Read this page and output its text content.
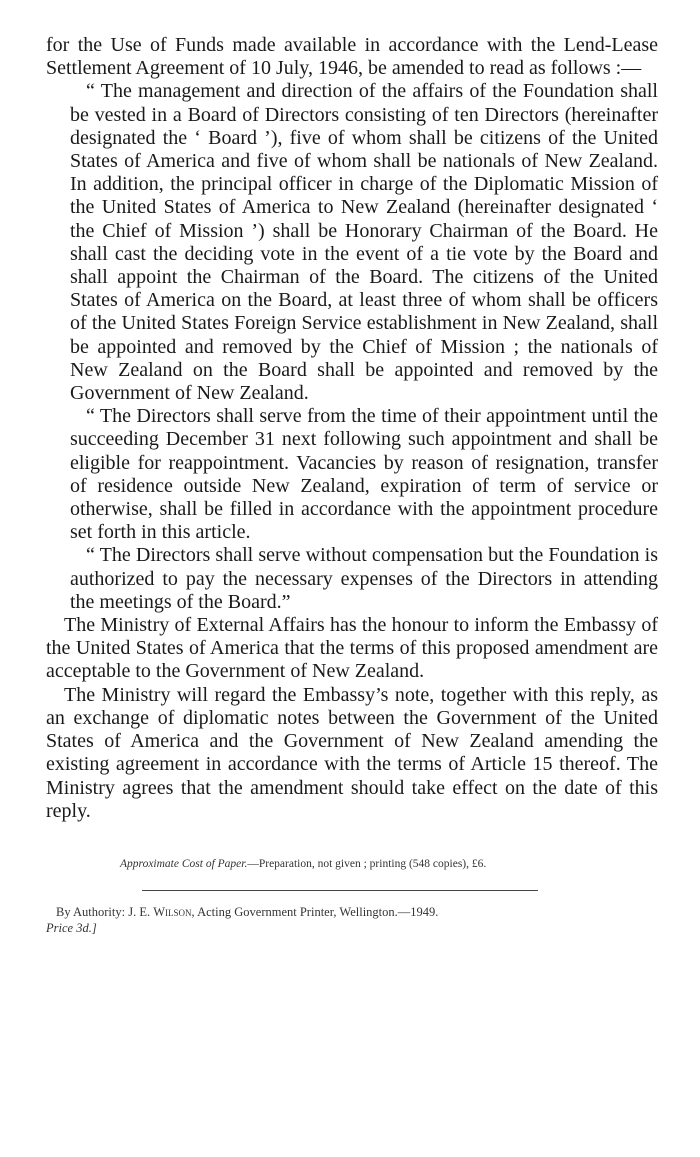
for the Use of Funds made available in accordance with the Lend-Lease Settlement Agreement of 10 July, 1946, be amended to read as follows :—

“ The management and direction of the affairs of the Foundation shall be vested in a Board of Directors consisting of ten Directors (hereinafter designated the ‘ Board ’), five of whom shall be citizens of the United States of America and five of whom shall be nationals of New Zealand. In addition, the principal officer in charge of the Diplomatic Mission of the United States of America to New Zealand (hereinafter designated ‘ the Chief of Mission ’) shall be Honorary Chairman of the Board. He shall cast the deciding vote in the event of a tie vote by the Board and shall appoint the Chairman of the Board. The citizens of the United States of America on the Board, at least three of whom shall be officers of the United States Foreign Service establishment in New Zealand, shall be appointed and removed by the Chief of Mission ; the nationals of New Zealand on the Board shall be appointed and removed by the Government of New Zealand.

“ The Directors shall serve from the time of their appointment until the succeeding December 31 next following such appointment and shall be eligible for reappointment. Vacancies by reason of resignation, transfer of residence outside New Zealand, expiration of term of service or otherwise, shall be filled in accordance with the appointment procedure set forth in this article.

“ The Directors shall serve without compensation but the Foundation is authorized to pay the necessary expenses of the Directors in attending the meetings of the Board.”

The Ministry of External Affairs has the honour to inform the Embassy of the United States of America that the terms of this proposed amendment are acceptable to the Government of New Zealand.

The Ministry will regard the Embassy’s note, together with this reply, as an exchange of diplomatic notes between the Government of the United States of America and the Government of New Zealand amending the existing agreement in accordance with the terms of Article 15 thereof. The Ministry agrees that the amendment should take effect on the date of this reply.

Approximate Cost of Paper.—Preparation, not given ; printing (548 copies), £6.
By Authority: J. E. Wilson, Acting Government Printer, Wellington.—1949.
Price 3d.]
